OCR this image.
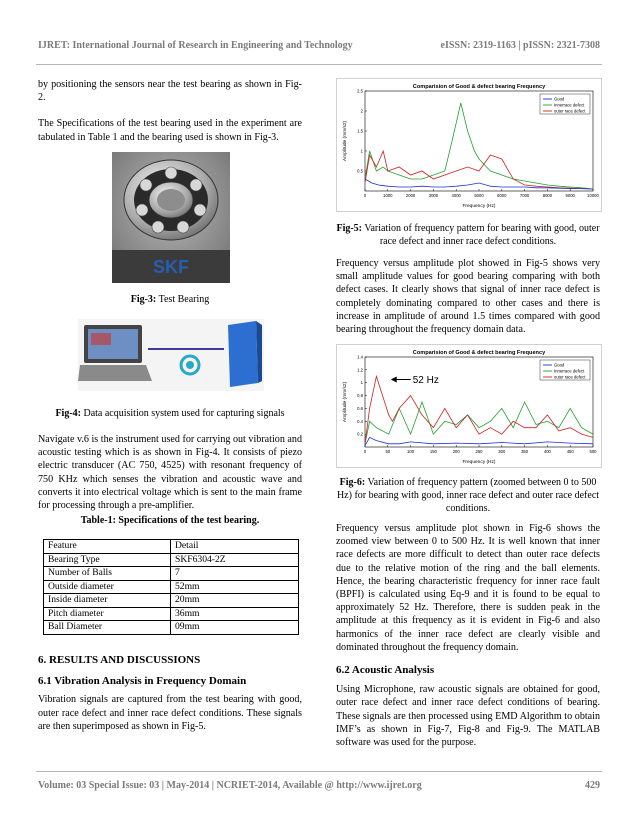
IJRET: International Journal of Research in Engineering and Technology	eISSN: 2319-1163 | pISSN: 2321-7308

by positioning the sensors near the test bearing as shown in Fig-2.

The Specifications of the test bearing used in the experiment are tabulated in Table 1 and the bearing used is shown in Fig-3.

SKF
Fig-3: Test Bearing
Fig-4: Data acquisition system used for capturing signals

Navigate v.6 is the instrument used for carrying out vibration and acoustic testing which is as shown in Fig-4. It consists of piezo electric transducer (AC 750, 4525) with resonant frequency of 750 KHz which senses the vibration and acoustic wave and converts it into electrical voltage which is sent to the main frame for processing through a pre-amplifier.

Table-1: Specifications of the test bearing.
Feature	Detail
Bearing Type	SKF6304-2Z
Number of Balls	7
Outside diameter	52mm
Inside diameter	20mm
Pitch diameter	36mm
Ball Diameter	09mm
6. RESULTS AND DISCUSSIONS
6.1 Vibration Analysis in Frequency Domain

Vibration signals are captured from the test bearing with good, outer race defect and inner race defect conditions. These signals are then superimposed as shown in Fig-5.

Comparision of Good & defect bearing Frequency
0	1000	2000	3000	4000	5000	6000	7000	8000	9000	10000
0.5
1
1.5
2
2.5
Frequency (Hz)
Amplitude (mm/s2)
Good
Innerrace defect
outer race defect
Fig-5: Variation of frequency pattern for bearing with good, outer race defect and inner race defect conditions.

Frequency versus amplitude plot showed in Fig-5 shows very small amplitude values for good bearing comparing with both defect cases. It clearly shows that signal of inner race defect is completely dominating compared to other cases and there is increase in amplitude of around 1.5 times compared with good bearing throughout the frequency domain data.

Comparision of Good & defect bearing Frequency
0	50	100	150	200	250	300	350	400	450	500
0.2
0.4
0.6
0.8
1
1.2
1.4
Frequency (Hz)
Amplitude (mm/s2)
Good
Innerrace defect
outer race defect
52 Hz
Fig-6: Variation of frequency pattern (zoomed between 0 to 500 Hz) for bearing with good, inner race defect and outer race defect conditions.

Frequency versus amplitude plot shown in Fig-6 shows the zoomed view between 0 to 500 Hz. It is well known that inner race defects are more difficult to detect than outer race defects due to the relative motion of the ring and the ball elements. Hence, the bearing characteristic frequency for inner race fault (BPFI) is calculated using Eq-9 and it is found to be equal to approximately 52 Hz. Therefore, there is sudden peak in the amplitude at this frequency as it is evident in Fig-6 and also harmonics of the inner race defect are clearly visible and dominated throughout the frequency domain.

6.2 Acoustic Analysis

Using Microphone, raw acoustic signals are obtained for good, outer race defect and inner race defect conditions of bearing. These signals are then processed using EMD Algorithm to obtain IMF’s as shown in Fig-7, Fig-8 and Fig-9. The MATLAB software was used for the purpose.

Volume: 03 Special Issue: 03 | May-2014 | NCRIET-2014, Available @ http://www.ijret.org	429
